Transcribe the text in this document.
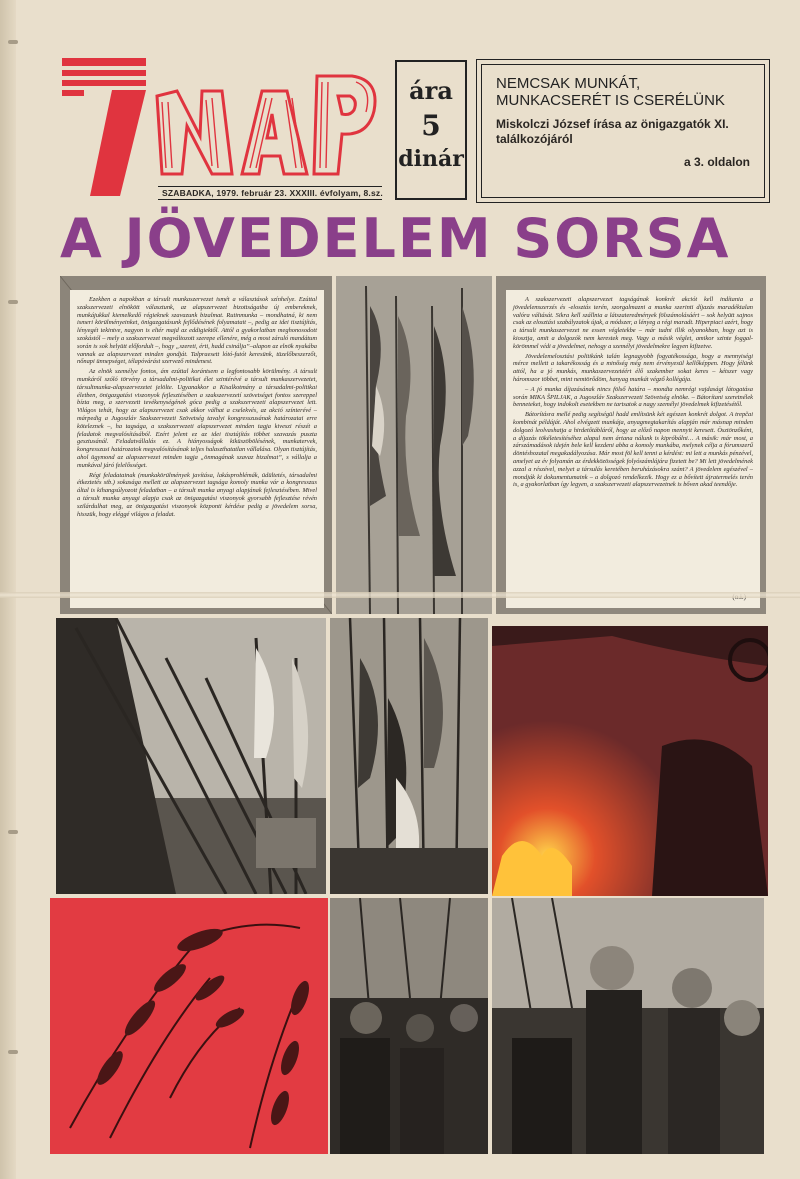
SZABADKA, 1979. február 23. XXXIII. évfolyam, 8.sz.
ára
5
dinár
NEMCSAK MUNKÁT,
MUNKACSERÉT IS CSERÉLÜNK
Miskolczi József írása az önigazgatók XI. találkozójáról
a 3. oldalon
A JÖVEDELEM SORSA

Ezekben a napokban a társult munkaszervezet ismét a választások színhelye. Ezúttal szakszervezeti elnökött választunk, az alapszervezet bizottságaiba új embereknek, munkájukkal kiemelkedő régieknek szavazunk bizalmat. Rutinmunka – mondhatná, ki nem ismeri körülményeinket, önigazgatásunk fejlődésének folyamatait –, pedig az idei tisztújítás, lényegét tekintve, nagyon is eltér majd az eddigiektől. Attól a gyakorlatban meghonosodott szokástól – mely a szakszervezet megváltozott szerepe ellenére, még a most záruló mandátum során is sok helyütt előfordult –, hogy „szereti, érti, hadd csinálja”–alapon az elnök nyakába vannak az alapszervezet minden gondját. Talpraesett lótó-futót keresünk, tüzelőbeszerzőt, nőnapi ünnepséget, télapóvárást szervező mindenest.

Az elnök személye fontos, ám ezúttal korántsem a legfontosabb körülmény. A társult munkáról szóló törvény a társadalmi-politikai élet szintérévé a társult munkaszervezetet, társultmunka-alapszervezetet jelölte. Ugyanakkor a Kisalkotmány a társadalmi-politikai életben, önigazgatási viszonyok fejlesztésében a szakszervezetí szövetséget fontos szereppel bízta meg, a szervezett tevékenységének góca pedig a szakszervezeti alapszervezet lett. Világos tehát, hogy az alapszervezet csak akkor válhat a cselekvés, az akció színterévé – márpedig a Jugoszláv Szakszervezeti Szövetség tavalyi kongresszusának határozatai erre köteleznek –, ha tagsága, a szakszervezeti alapszervezet minden tagja kiveszi részét a feladatok megvalósításából. Ezért jelent ez az idei tisztújítás többet szavazás puszta gesztusánál. Feladatvállalás ez. A hiányosságok kiküszöbölésének, munkatervek, kongresszusi határozatok megvalósításának teljes halaszthatatlan vállalása. Olyan tisztújítás, ahol ügymond az alapszervezet minden tagja „önmagának szavaz bizalmat”, s vállalja a munkával járó felelősséget.

Régi feladatainak (munkakörülmények javítása, lakásproblémák, üdültetés, társadalmi étkeztetés stb.) sokasága mellett az alapszervezet tagsága komoly munka vár a kongresszus által is kihangsúlyozott feladatban – a társult munka anyagi alapjának fejlesztésében. Mivel a társult munka anyagi alapja csak az önigazgatási viszonyok gyorsabb fejlesztése révén szilárdulhat meg, az önigazgatási viszonyok központi kérdése pedig a jövedelem sorsa, hisszük, hogy eléggé világos a feladat.

A szakszervezeti alapszervezet tagságának konkrét akciót kell indítania a jövedelemszerzés és -elosztás terén, szorgalmazni a munka szerinti díjazás maradéktalan valóra váltását. Sikra kell szállnia a látszateredmények fölszámolásáért – sok helyütt sajnos csak az elosztási szabályzatok újak, a módszer, a lényeg a régi maradt. Hiperpiaci azért, hogy a társult munkaszervezet ne essen végletekbe – már tudni illik olyanokban, hogy azt is kiosztja, amit a dolgozók nem kerestek meg. Vagy a másik véglet, amikor szinte foggal-körömmel védi a jövedelmet, nehogy a személyi jövedelmekre legyen kifizetve.

Jövedelemelosztási politikánk talán legnagyobb fogyatékossága, hogy a mennyiségi mérce mellett a takarékosság és a minőség még nem érvényesül kellőképpen. Hogy félünk attól, ha a jó munkás, munkaszervezetéért élő szakember sokat keres – kétszer vagy háromszor többet, mint nemtörődöm, hanyag munkát végző kollégája.

– A jó munka díjazásának nincs fölső határa – mondta nemrégi vajdasági látogatása során MIKA ŠPILJAK, a Jugoszláv Szakszervezeti Szövetség elnöke. – Bátorítani szeretnélek benneteket, hogy indokolt esetekben ne tartsatok a nagy személyi jövedelmek kifizetésétől.

Bátorításra mellé pedig segítségül hadd említsünk két egészen konkrét dolgot. A trepčai kombinát példáját. Ahol elvégzett munkája, anyagmegtakarítás alapján már másnap minden dolgozó leolvashatja a hirdetőtábláról, hogy az előző napon mennyit keresett. Ösztönzőként, a díjazás tökéletesítéséhez alapul nem ártana nálunk is kipróbálni… A másik: már most, a zárszámadások idején bele kell kezdeni abba a komoly munkába, melynek célja a fórumszerű döntéshozatal megakadályozása. Már most föl kell tenni a kérdést: mi lett a munkás pénzével, amelyet az év folyamán az érdekközösségek folyószámlájára fizetett be? Mi lett jövedelmének azzal a részével, melyet a társulás keretében beruházásokra szánt? A jövedelem egészével – mondják ki dokumentumaink – a dolgozó rendelkezik. Hogy ez a bővített újratermelés terén is, a gyakorlatban így legyen, a szakszervezeti alapszervezetnek is bőven akad teendője.
